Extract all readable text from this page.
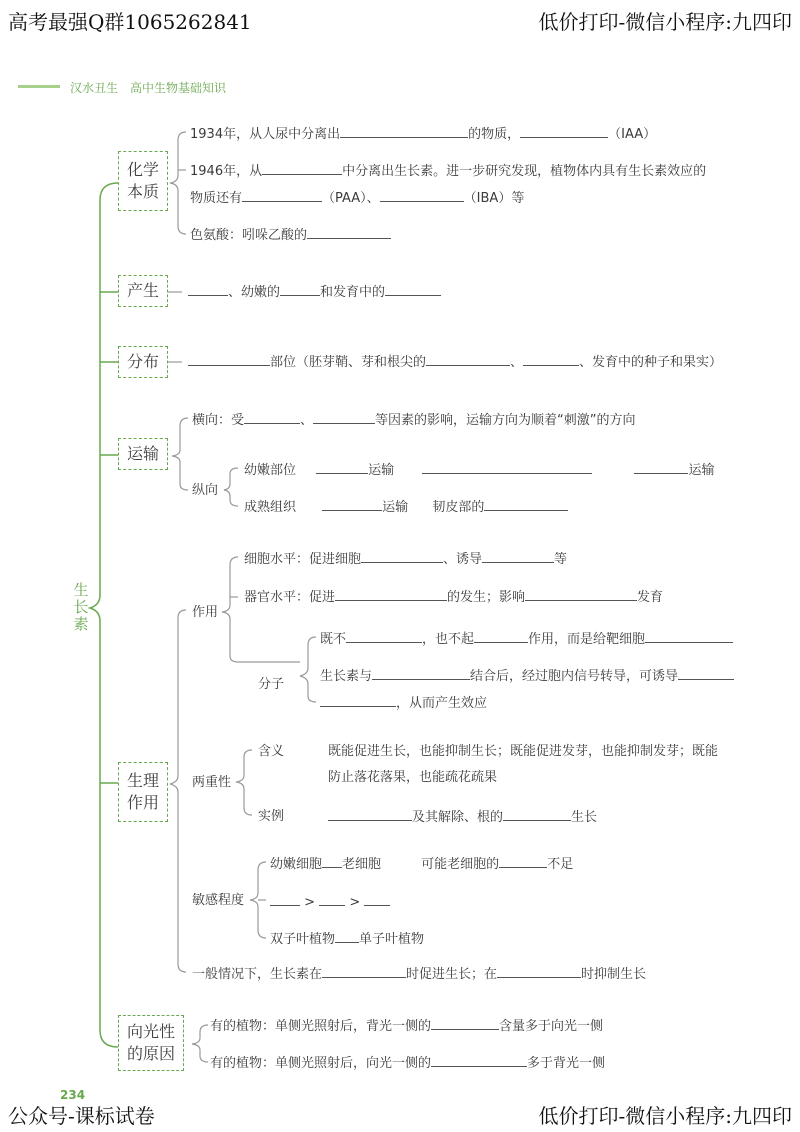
高考最强Q群1065262841	低价打印-微信小程序:九四印
公众号-课标试卷	低价打印-微信小程序:九四印
234
汉水丑生　高中生物基础知识
生长素
化学本质
1934年，从人尿中分离出	的物质，	（IAA）
1946年，从	中分离出生长素。进一步研究发现，植物体内具有生长素效应的
物质还有	（PAA）、	（IBA）等
色氨酸：吲哚乙酸的
产生	、幼嫩的	和发育中的
分布	部位（胚芽鞘、芽和根尖的	、	、发育中的种子和果实）
运输
横向：受	、	等因素的影响，运输方向为顺着“刺激”的方向
纵向
幼嫩部位	运输	运输
成熟组织	运输 韧皮部的
生理作用
作用
细胞水平：促进细胞	、诱导	等
器官水平：促进	的发生；影响	发育
分子
既不	，也不起	作用，而是给靶细胞
生长素与	结合后，经过胞内信号转导，可诱导
，从而产生效应
两重性
含义	既能促进生长，也能抑制生长；既能促进发芽，也能抑制发芽；既能
防止落花落果，也能疏花疏果
实例	及其解除、根的	生长
敏感程度
幼嫩细胞 老细胞	可能老细胞的	不足
>	>
双子叶植物 单子叶植物
一般情况下，生长素在	时促进生长；在	时抑制生长
向光性的原因
有的植物：单侧光照射后，背光一侧的	含量多于向光一侧
有的植物：单侧光照射后，向光一侧的	多于背光一侧
